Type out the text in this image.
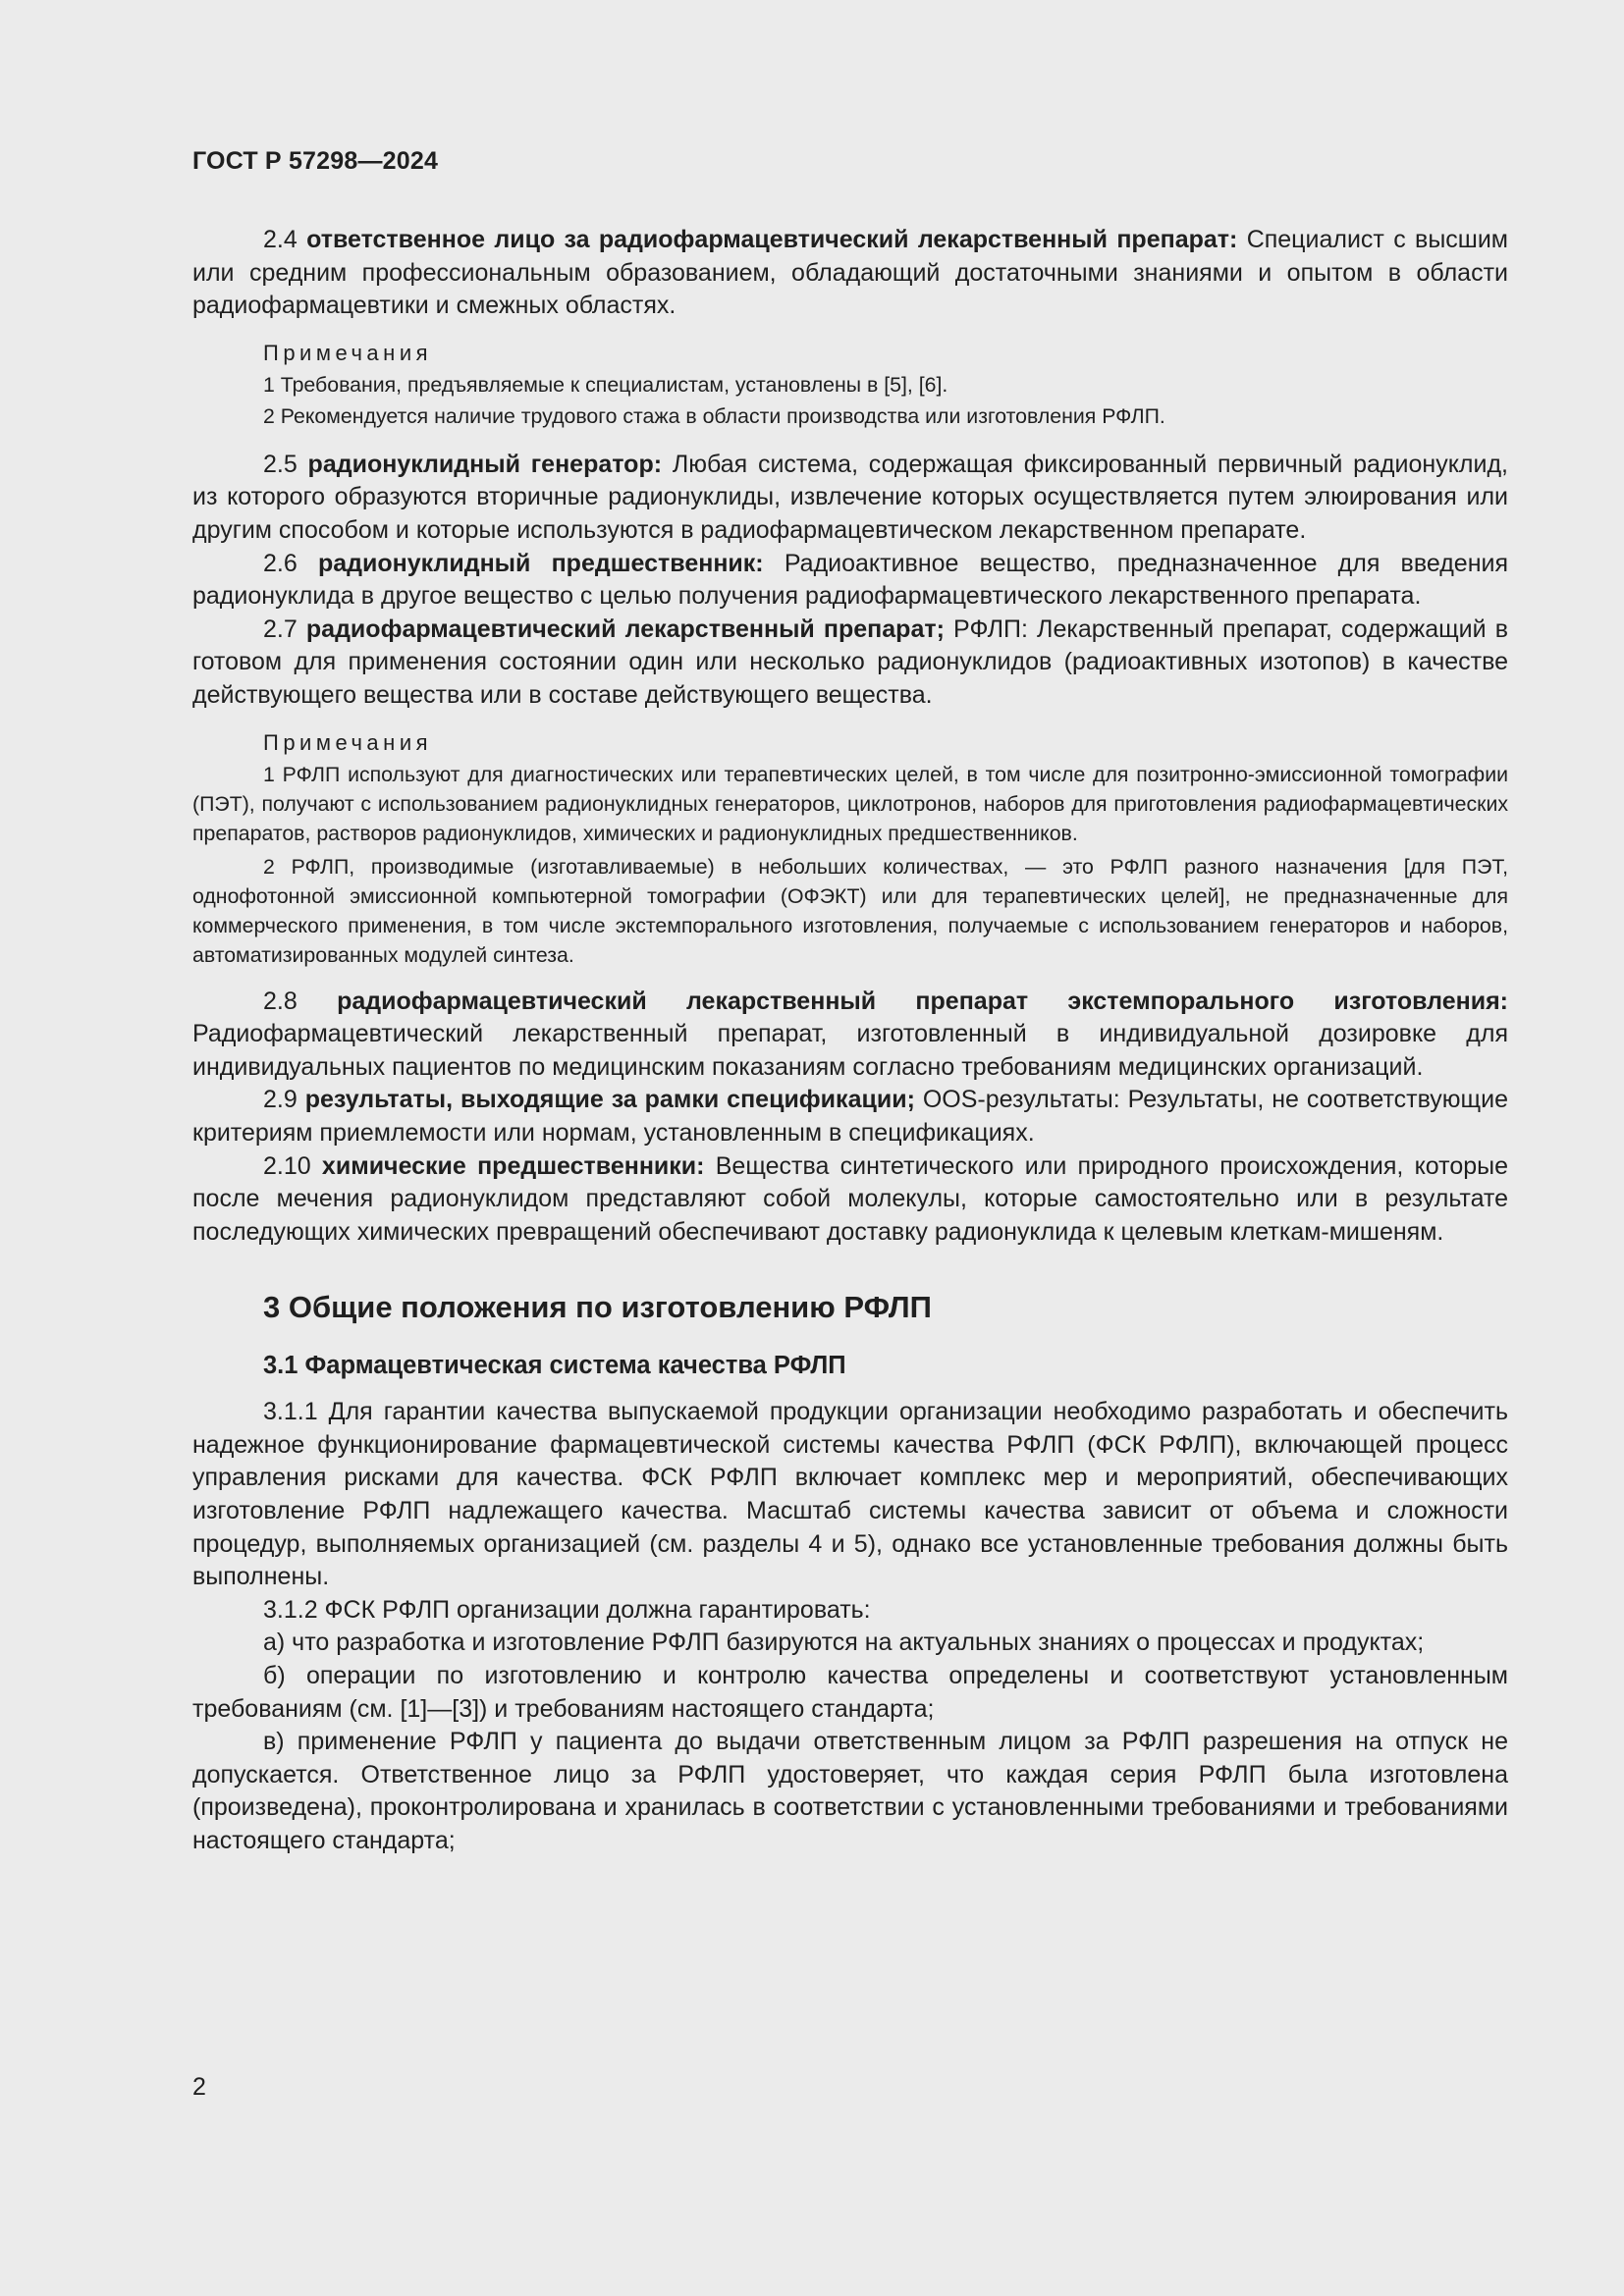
ГОСТ Р 57298—2024

2.4 ответственное лицо за радиофармацевтический лекарственный препарат: Специалист с высшим или средним профессиональным образованием, обладающий достаточными знаниями и опытом в области радиофармацевтики и смежных областях.

Примечания

1 Требования, предъявляемые к специалистам, установлены в [5], [6].

2 Рекомендуется наличие трудового стажа в области производства или изготовления РФЛП.

2.5 радионуклидный генератор: Любая система, содержащая фиксированный первичный радионуклид, из которого образуются вторичные радионуклиды, извлечение которых осуществляется путем элюирования или другим способом и которые используются в радиофармацевтическом лекарственном препарате.

2.6 радионуклидный предшественник: Радиоактивное вещество, предназначенное для введения радионуклида в другое вещество с целью получения радиофармацевтического лекарственного препарата.

2.7 радиофармацевтический лекарственный препарат; РФЛП: Лекарственный препарат, содержащий в готовом для применения состоянии один или несколько радионуклидов (радиоактивных изотопов) в качестве действующего вещества или в составе действующего вещества.

Примечания

1 РФЛП используют для диагностических или терапевтических целей, в том числе для позитронно-эмиссионной томографии (ПЭТ), получают с использованием радионуклидных генераторов, циклотронов, наборов для приготовления радиофармацевтических препаратов, растворов радионуклидов, химических и радионуклидных предшественников.

2 РФЛП, производимые (изготавливаемые) в небольших количествах, — это РФЛП разного назначения [для ПЭТ, однофотонной эмиссионной компьютерной томографии (ОФЭКТ) или для терапевтических целей], не предназначенные для коммерческого применения, в том числе экстемпорального изготовления, получаемые с использованием генераторов и наборов, автоматизированных модулей синтеза.

2.8 радиофармацевтический лекарственный препарат экстемпорального изготовления: Радиофармацевтический лекарственный препарат, изготовленный в индивидуальной дозировке для индивидуальных пациентов по медицинским показаниям согласно требованиям медицинских организаций.

2.9 результаты, выходящие за рамки спецификации; OOS-результаты: Результаты, не соответствующие критериям приемлемости или нормам, установленным в спецификациях.

2.10 химические предшественники: Вещества синтетического или природного происхождения, которые после мечения радионуклидом представляют собой молекулы, которые самостоятельно или в результате последующих химических превращений обеспечивают доставку радионуклида к целевым клеткам-мишеням.

3 Общие положения по изготовлению РФЛП

3.1 Фармацевтическая система качества РФЛП

3.1.1 Для гарантии качества выпускаемой продукции организации необходимо разработать и обеспечить надежное функционирование фармацевтической системы качества РФЛП (ФСК РФЛП), включающей процесс управления рисками для качества. ФСК РФЛП включает комплекс мер и мероприятий, обеспечивающих изготовление РФЛП надлежащего качества. Масштаб системы качества зависит от объема и сложности процедур, выполняемых организацией (см. разделы 4 и 5), однако все установленные требования должны быть выполнены.

3.1.2 ФСК РФЛП организации должна гарантировать:

а) что разработка и изготовление РФЛП базируются на актуальных знаниях о процессах и продуктах;

б) операции по изготовлению и контролю качества определены и соответствуют установленным требованиям (см. [1]—[3]) и требованиям настоящего стандарта;

в) применение РФЛП у пациента до выдачи ответственным лицом за РФЛП разрешения на отпуск не допускается. Ответственное лицо за РФЛП удостоверяет, что каждая серия РФЛП была изготовлена (произведена), проконтролирована и хранилась в соответствии с установленными требованиями и требованиями настоящего стандарта;

2
